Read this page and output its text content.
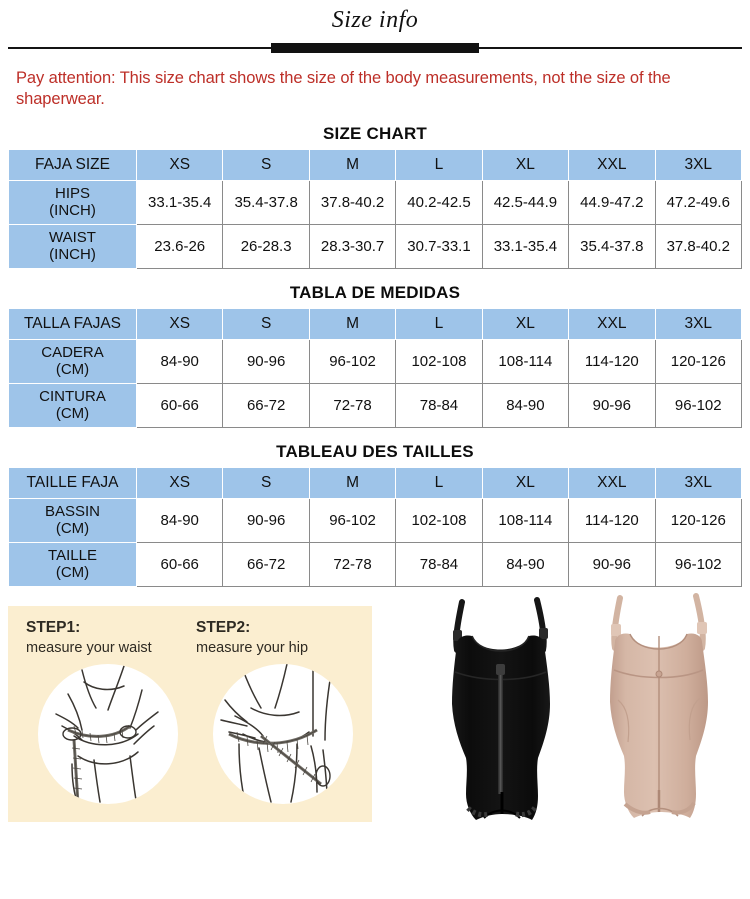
Size info
Pay attention: This size chart shows the size of the body measurements, not the size of the shaperwear.
SIZE CHART
FAJA SIZE	XS	S	M	L	XL	XXL	3XL

HIPS
(INCH)	33.1-35.4	35.4-37.8	37.8-40.2	40.2-42.5	42.5-44.9	44.9-47.2	47.2-49.6

WAIST
(INCH)	23.6-26	26-28.3	28.3-30.7	30.7-33.1	33.1-35.4	35.4-37.8	37.8-40.2
TABLA DE MEDIDAS
TALLA FAJAS	XS	S	M	L	XL	XXL	3XL

CADERA
(CM)	84-90	90-96	96-102	102-108	108-114	114-120	120-126

CINTURA
(CM)	60-66	66-72	72-78	78-84	84-90	90-96	96-102
TABLEAU DES TAILLES
TAILLE FAJA	XS	S	M	L	XL	XXL	3XL

BASSIN
(CM)	84-90	90-96	96-102	102-108	108-114	114-120	120-126

TAILLE
(CM)	60-66	66-72	72-78	78-84	84-90	90-96	96-102
STEP1:
measure your waist
STEP2:
measure your hip
